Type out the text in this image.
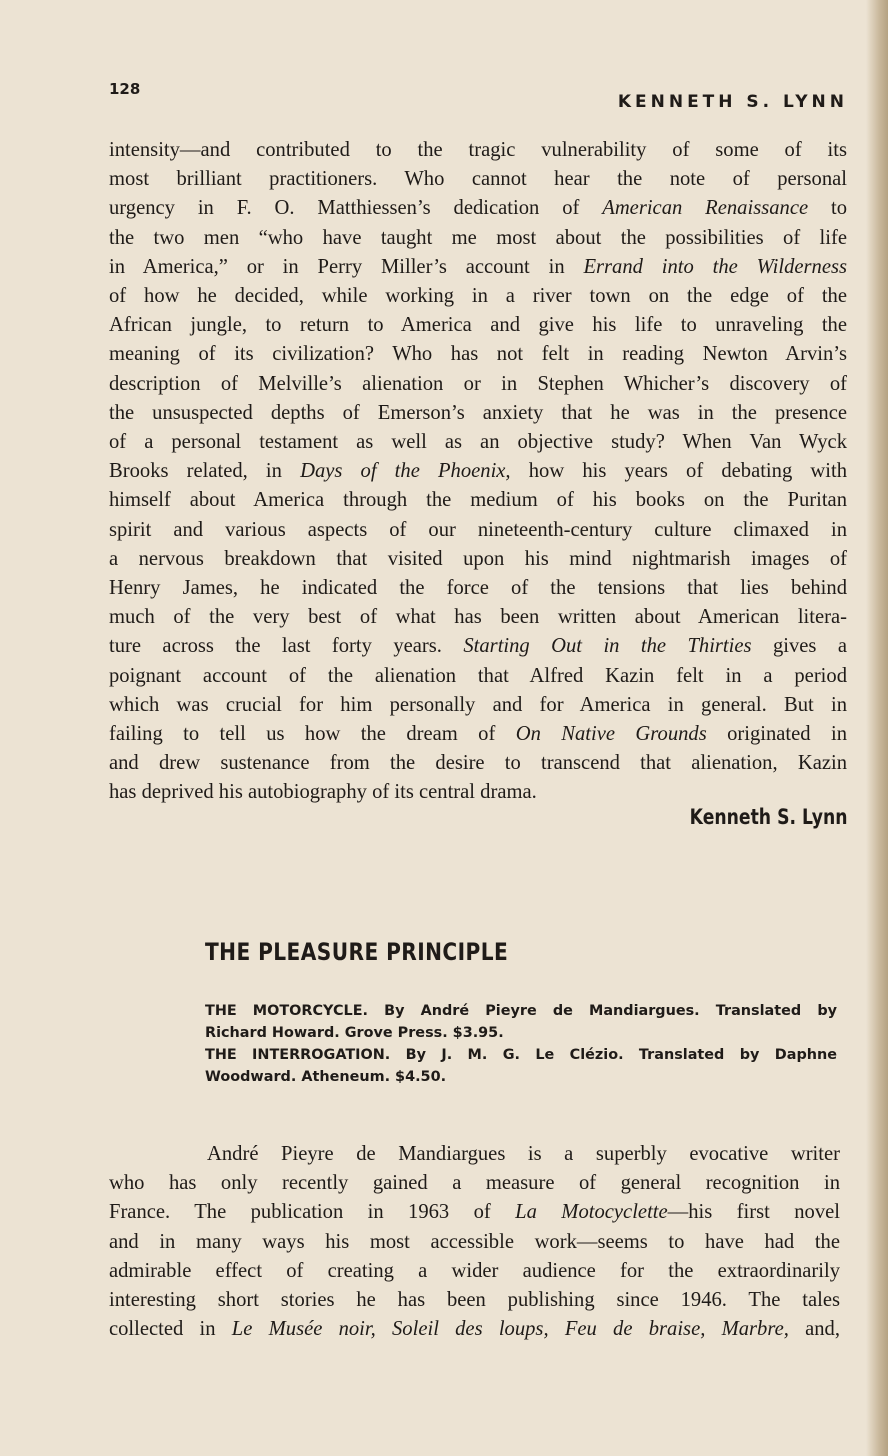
128
KENNETH S. LYNN
intensity—and contributed to the tragic vulnerability of some of its
most brilliant practitioners. Who cannot hear the note of personal
urgency in F. O. Matthiessen’s dedication of American Renaissance to
the two men “who have taught me most about the possibilities of life
in America,” or in Perry Miller’s account in Errand into the Wilderness
of how he decided, while working in a river town on the edge of the
African jungle, to return to America and give his life to unraveling the
meaning of its civilization? Who has not felt in reading Newton Arvin’s
description of Melville’s alienation or in Stephen Whicher’s discovery of
the unsuspected depths of Emerson’s anxiety that he was in the presence
of a personal testament as well as an objective study? When Van Wyck
Brooks related, in Days of the Phoenix, how his years of debating with
himself about America through the medium of his books on the Puritan
spirit and various aspects of our nineteenth-century culture climaxed in
a nervous breakdown that visited upon his mind nightmarish images of
Henry James, he indicated the force of the tensions that lies behind
much of the very best of what has been written about American litera-
ture across the last forty years. Starting Out in the Thirties gives a
poignant account of the alienation that Alfred Kazin felt in a period
which was crucial for him personally and for America in general. But in
failing to tell us how the dream of On Native Grounds originated in
and drew sustenance from the desire to transcend that alienation, Kazin
has deprived his autobiography of its central drama.
Kenneth S. Lynn
THE PLEASURE PRINCIPLE
THE MOTORCYCLE. By André Pieyre de Mandiargues. Translated by
Richard Howard. Grove Press. $3.95.
THE INTERROGATION. By J. M. G. Le Clézio. Translated by Daphne
Woodward. Atheneum. $4.50.
André Pieyre de Mandiargues is a superbly evocative writer
who has only recently gained a measure of general recognition in
France. The publication in 1963 of La Motocyclette—his first novel
and in many ways his most accessible work—seems to have had the
admirable effect of creating a wider audience for the extraordinarily
interesting short stories he has been publishing since 1946. The tales
collected in Le Musée noir, Soleil des loups, Feu de braise, Marbre, and,
